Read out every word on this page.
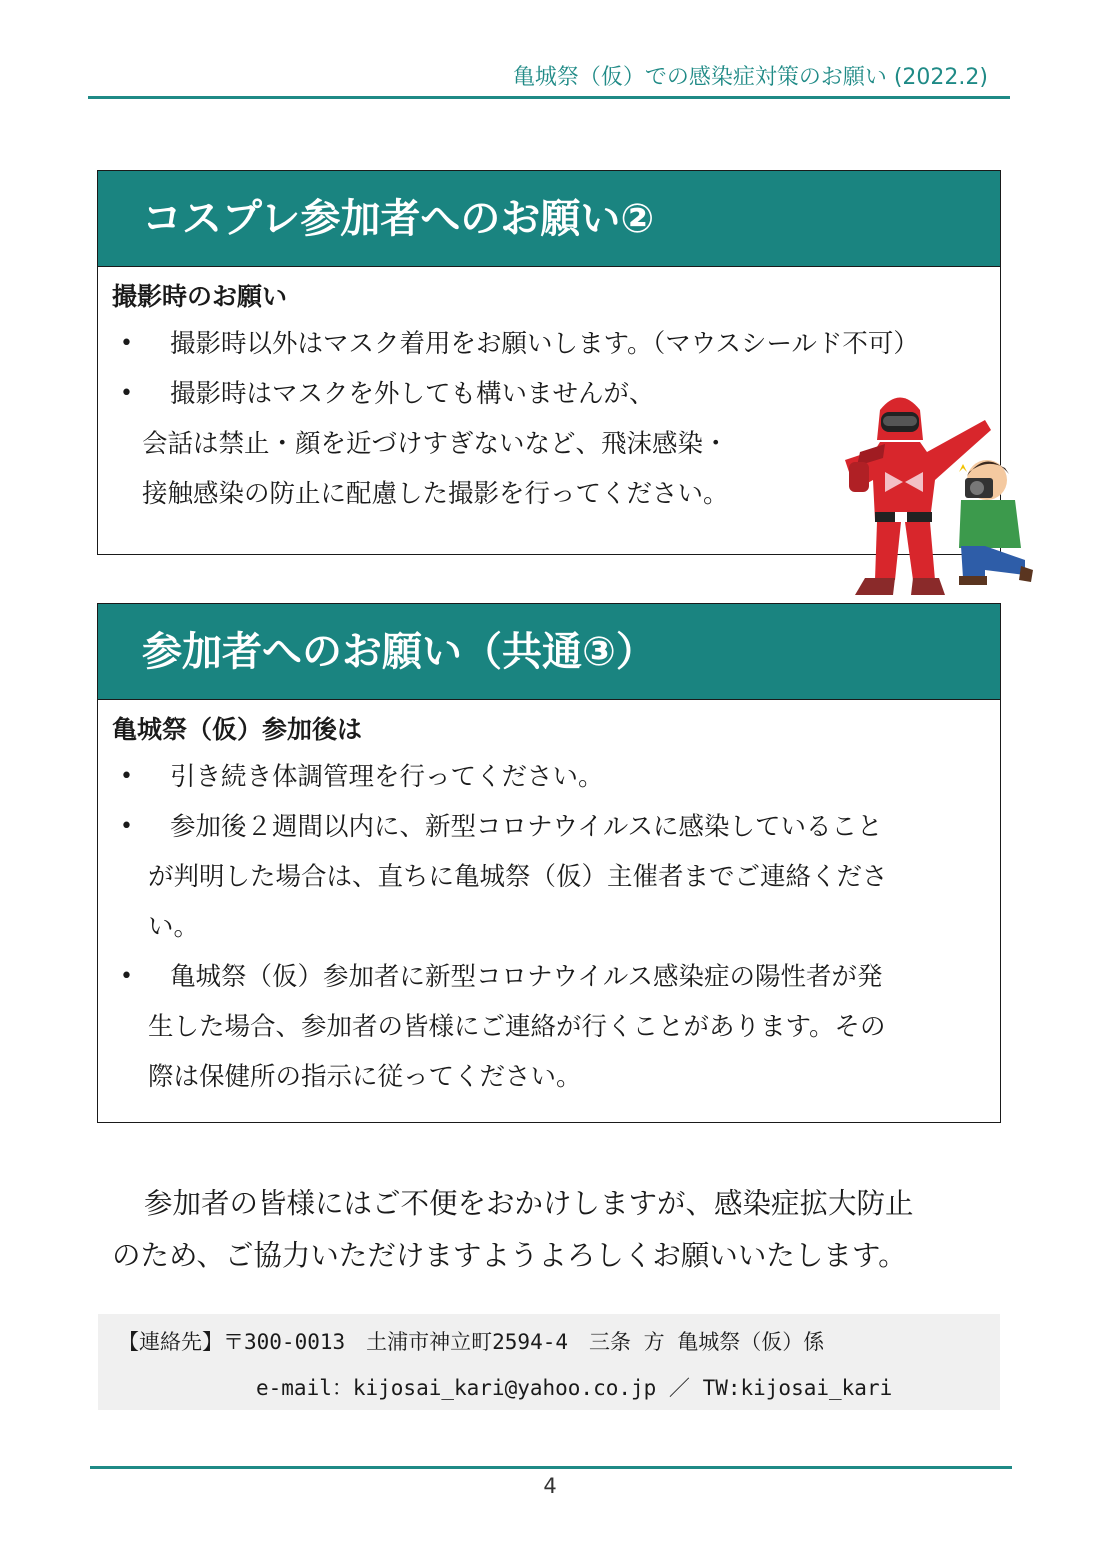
亀城祭（仮）での感染症対策のお願い (2022.2)
コスプレ参加者へのお願い②
撮影時のお願い
• 撮影時以外はマスク着用をお願いします。（マウスシールド不可）
• 撮影時はマスクを外しても構いませんが、
会話は禁止・顔を近づけすぎないなど、飛沫感染・
接触感染の防止に配慮した撮影を行ってください。
参加者へのお願い（共通③）
亀城祭（仮）参加後は
• 引き続き体調管理を行ってください。
• 参加後２週間以内に、新型コロナウイルスに感染していること
が判明した場合は、直ちに亀城祭（仮）主催者までご連絡くださ
い。
• 亀城祭（仮）参加者に新型コロナウイルス感染症の陽性者が発
生した場合、参加者の皆様にご連絡が行くことがあります。その
際は保健所の指示に従ってください。
参加者の皆様にはご不便をおかけしますが、感染症拡大防止
のため、ご協力いただけますようよろしくお願いいたします。
【連絡先】〒300-0013　土浦市神立町2594-4　三条 方 亀城祭（仮）係
e-mail：kijosai_kari@yahoo.co.jp ／ TW:kijosai_kari
4
